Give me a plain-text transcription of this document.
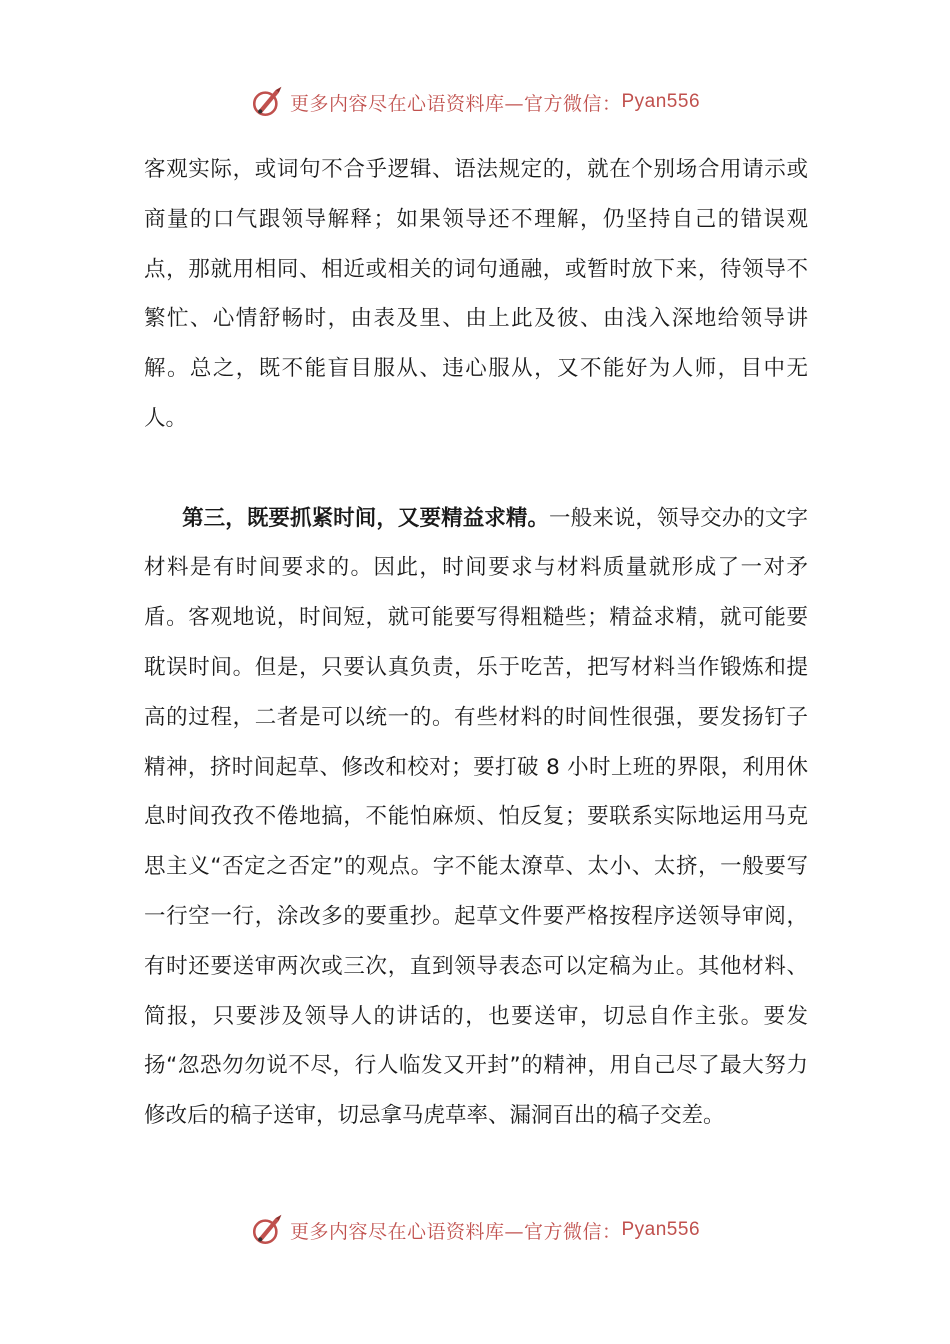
更多内容尽在心语资料库—官方微信： Pyan556

客观实际，或词句不合乎逻辑、语法规定的，就在个别场合用请示或商量的口气跟领导解释；如果领导还不理解，仍坚持自己的错误观点，那就用相同、相近或相关的词句通融，或暂时放下来，待领导不繁忙、心情舒畅时，由表及里、由上此及彼、由浅入深地给领导讲解。总之，既不能盲目服从、违心服从，又不能好为人师，目中无人。

第三，既要抓紧时间，又要精益求精。一般来说，领导交办的文字材料是有时间要求的。因此，时间要求与材料质量就形成了一对矛盾。客观地说，时间短，就可能要写得粗糙些；精益求精，就可能要耽误时间。但是，只要认真负责，乐于吃苦，把写材料当作锻炼和提高的过程，二者是可以统一的。有些材料的时间性很强，要发扬钉子精神，挤时间起草、修改和校对；要打破 8 小时上班的界限，利用休息时间孜孜不倦地搞，不能怕麻烦、怕反复；要联系实际地运用马克思主义“否定之否定”的观点。字不能太潦草、太小、太挤，一般要写一行空一行，涂改多的要重抄。起草文件要严格按程序送领导审阅，有时还要送审两次或三次，直到领导表态可以定稿为止。其他材料、简报，只要涉及领导人的讲话的，也要送审，切忌自作主张。要发扬“忽恐勿勿说不尽，行人临发又开封”的精神，用自己尽了最大努力修改后的稿子送审，切忌拿马虎草率、漏洞百出的稿子交差。

更多内容尽在心语资料库—官方微信： Pyan556
